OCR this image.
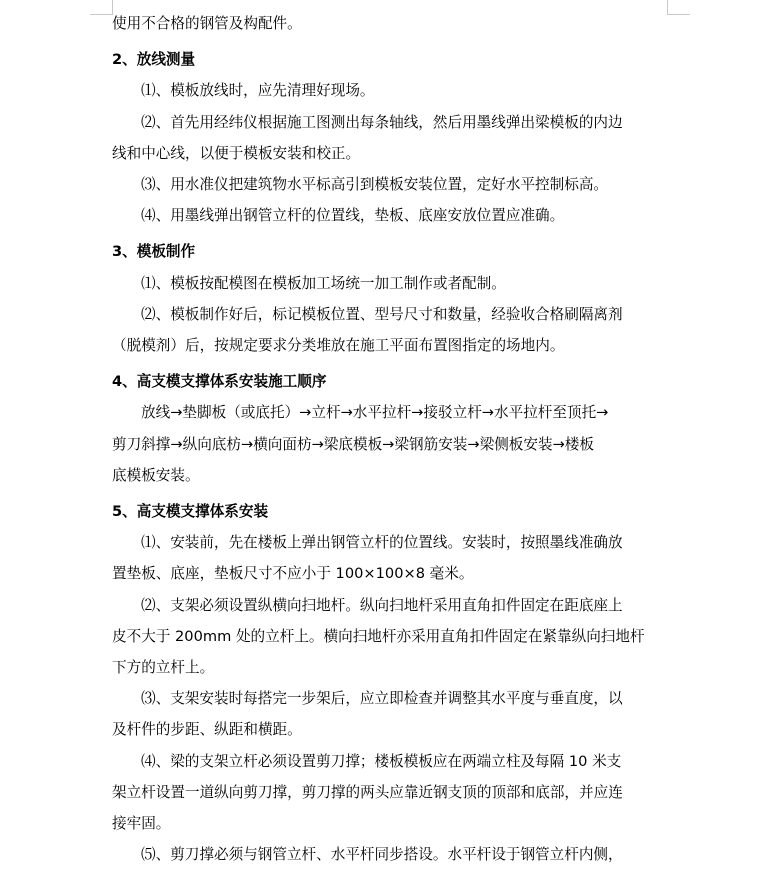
使用不合格的钢管及构配件。
2、放线测量
⑴、模板放线时，应先清理好现场。
⑵、首先用经纬仪根据施工图测出每条轴线，然后用墨线弹出梁模板的内边
线和中心线，以便于模板安装和校正。
⑶、用水准仪把建筑物水平标高引到模板安装位置，定好水平控制标高。
⑷、用墨线弹出钢管立杆的位置线，垫板、底座安放位置应准确。
3、模板制作
⑴、模板按配模图在模板加工场统一加工制作或者配制。
⑵、模板制作好后，标记模板位置、型号尺寸和数量，经验收合格刷隔离剂
（脱模剂）后，按规定要求分类堆放在施工平面布置图指定的场地内。
4、高支模支撑体系安装施工顺序
放线→垫脚板（或底托）→立杆→水平拉杆→接驳立杆→水平拉杆至顶托→
剪刀斜撑→纵向底枋→横向面枋→梁底模板→梁钢筋安装→梁侧板安装→楼板
底模板安装。
5、高支模支撑体系安装
⑴、安装前，先在楼板上弹出钢管立杆的位置线。安装时，按照墨线准确放
置垫板、底座，垫板尺寸不应小于 100×100×8 毫米。
⑵、支架必须设置纵横向扫地杆。纵向扫地杆采用直角扣件固定在距底座上
皮不大于 200mm 处的立杆上。横向扫地杆亦采用直角扣件固定在紧靠纵向扫地杆
下方的立杆上。
⑶、支架安装时每搭完一步架后，应立即检查并调整其水平度与垂直度，以
及杆件的步距、纵距和横距。
⑷、梁的支架立杆必须设置剪刀撑；楼板模板应在两端立柱及每隔 10 米支
架立杆设置一道纵向剪刀撑，剪刀撑的两头应靠近钢支顶的顶部和底部，并应连
接牢固。
⑸、剪刀撑必须与钢管立杆、水平杆同步搭设。水平杆设于钢管立杆内侧，
